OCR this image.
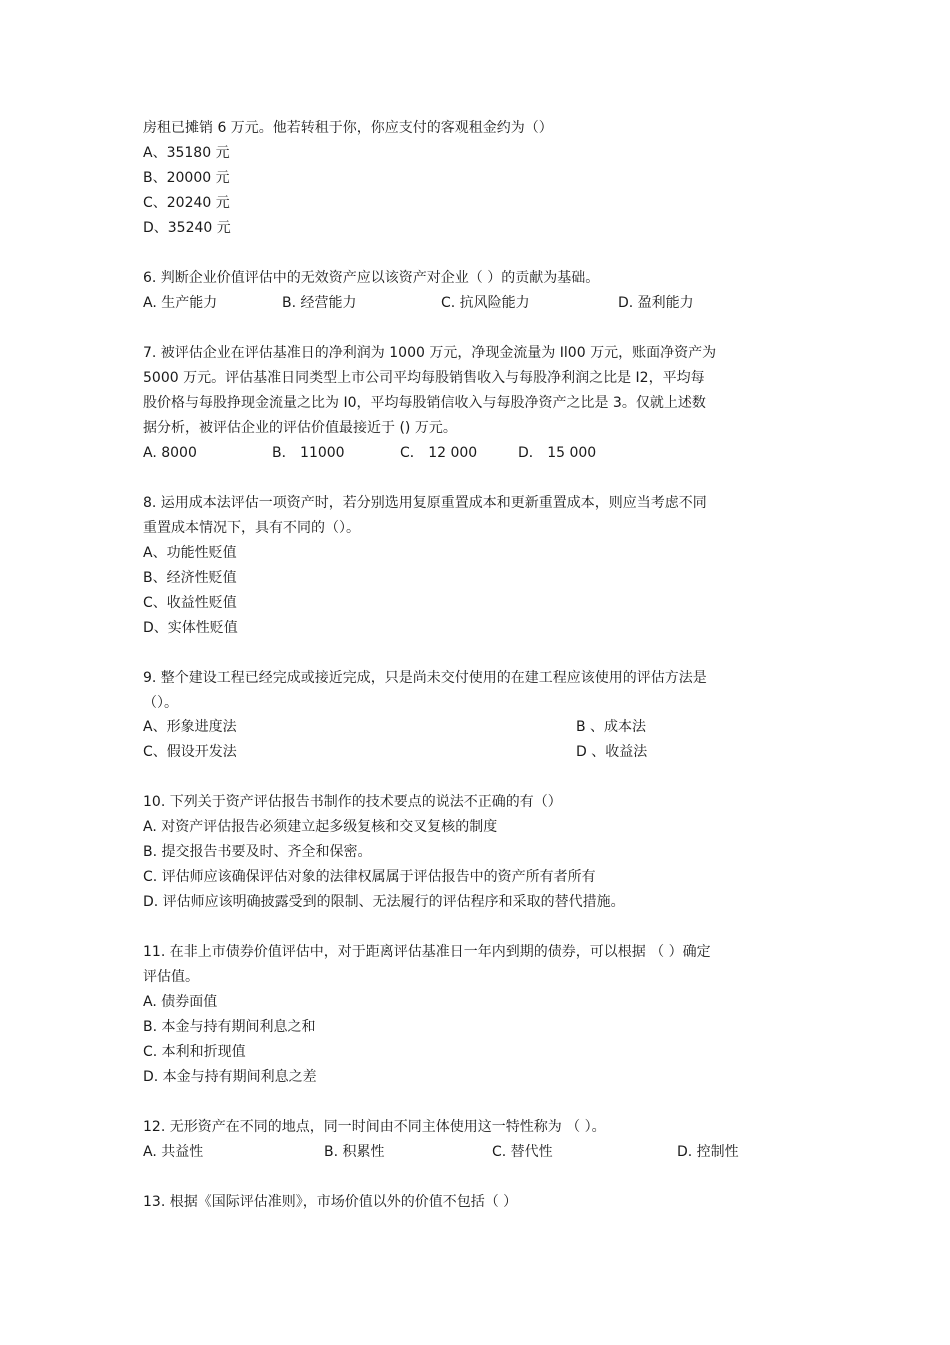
房租已摊销 6 万元。他若转租于你，你应支付的客观租金约为（）
A、35180 元
B、20000 元
C、20240 元
D、35240 元
6. 判断企业价值评估中的无效资产应以该资产对企业（ ）的贡献为基础。
A. 生产能力	B. 经营能力	C. 抗风险能力	D. 盈利能力
7. 被评估企业在评估基准日的净利润为 1000 万元，净现金流量为 Il00 万元，账面净资产为
5000 万元。评估基准日同类型上市公司平均每股销售收入与每股净利润之比是 I2，平均每
股价格与每股挣现金流量之比为 I0，平均每股销信收入与每股净资产之比是 3。仅就上述数
据分析，被评估企业的评估价值最接近于 () 万元。
A. 8000	B． 11000	C． 12 000	D． 15 000
8. 运用成本法评估一项资产时，若分别选用复原重置成本和更新重置成本，则应当考虑不同
重置成本情况下，具有不同的（）。
A、功能性贬值
B、经济性贬值
C、收益性贬值
D、实体性贬值
9. 整个建设工程已经完成或接近完成，只是尚未交付使用的在建工程应该使用的评估方法是
（）。
A、形象进度法	B 、成本法
C、假设开发法	D 、收益法
10. 下列关于资产评估报告书制作的技术要点的说法不正确的有（）
A. 对资产评估报告必须建立起多级复核和交叉复核的制度
B. 提交报告书要及时、齐全和保密。
C. 评估师应该确保评估对象的法律权属属于评估报告中的资产所有者所有
D. 评估师应该明确披露受到的限制、无法履行的评估程序和采取的替代措施。
11. 在非上市债券价值评估中，对于距离评估基准日一年内到期的债券，可以根据 （ ）确定
评估值。
A. 债券面值
B. 本金与持有期间利息之和
C. 本利和折现值
D. 本金与持有期间利息之差
12. 无形资产在不同的地点，同一时间由不同主体使用这一特性称为 （ ）。
A. 共益性	B. 积累性	C. 替代性	D. 控制性
13. 根据《国际评估准则》，市场价值以外的价值不包括（ ）
